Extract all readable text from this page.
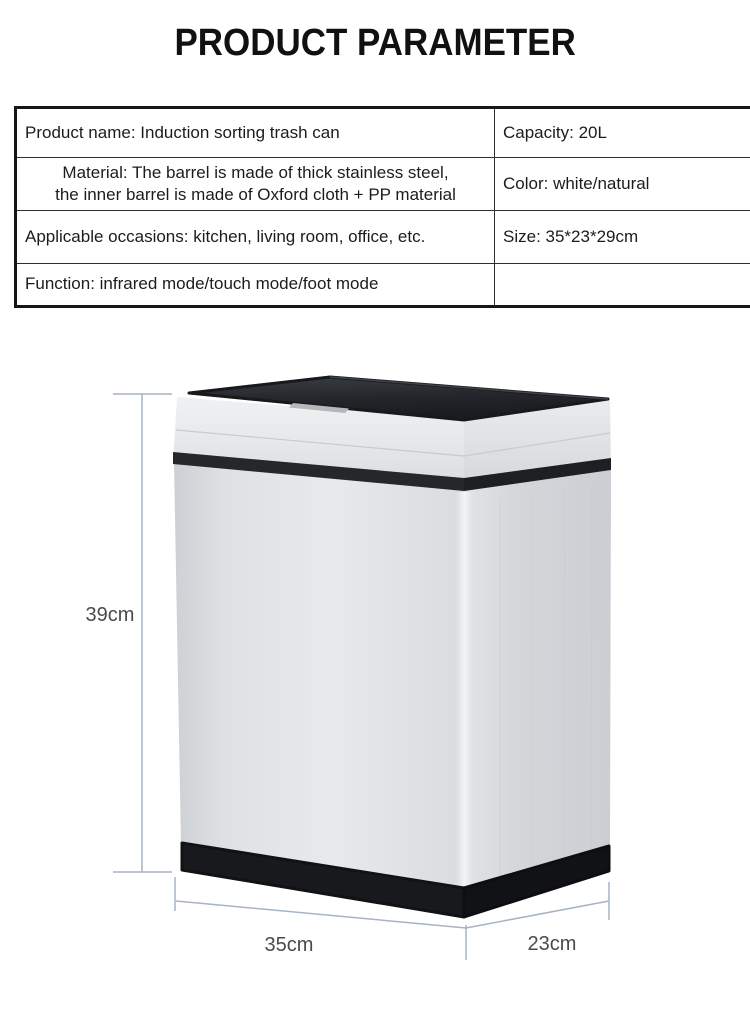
PRODUCT PARAMETER
Product name: Induction sorting trash can	Capacity: 20L

Material: The barrel is made of thick stainless steel,
the inner barrel is made of Oxford cloth + PP material	Color: white/natural

Applicable occasions: kitchen, living room, office, etc.	Size: 35*23*29cm

Function: infrared mode/touch mode/foot mode	

39cm
35cm	23cm
